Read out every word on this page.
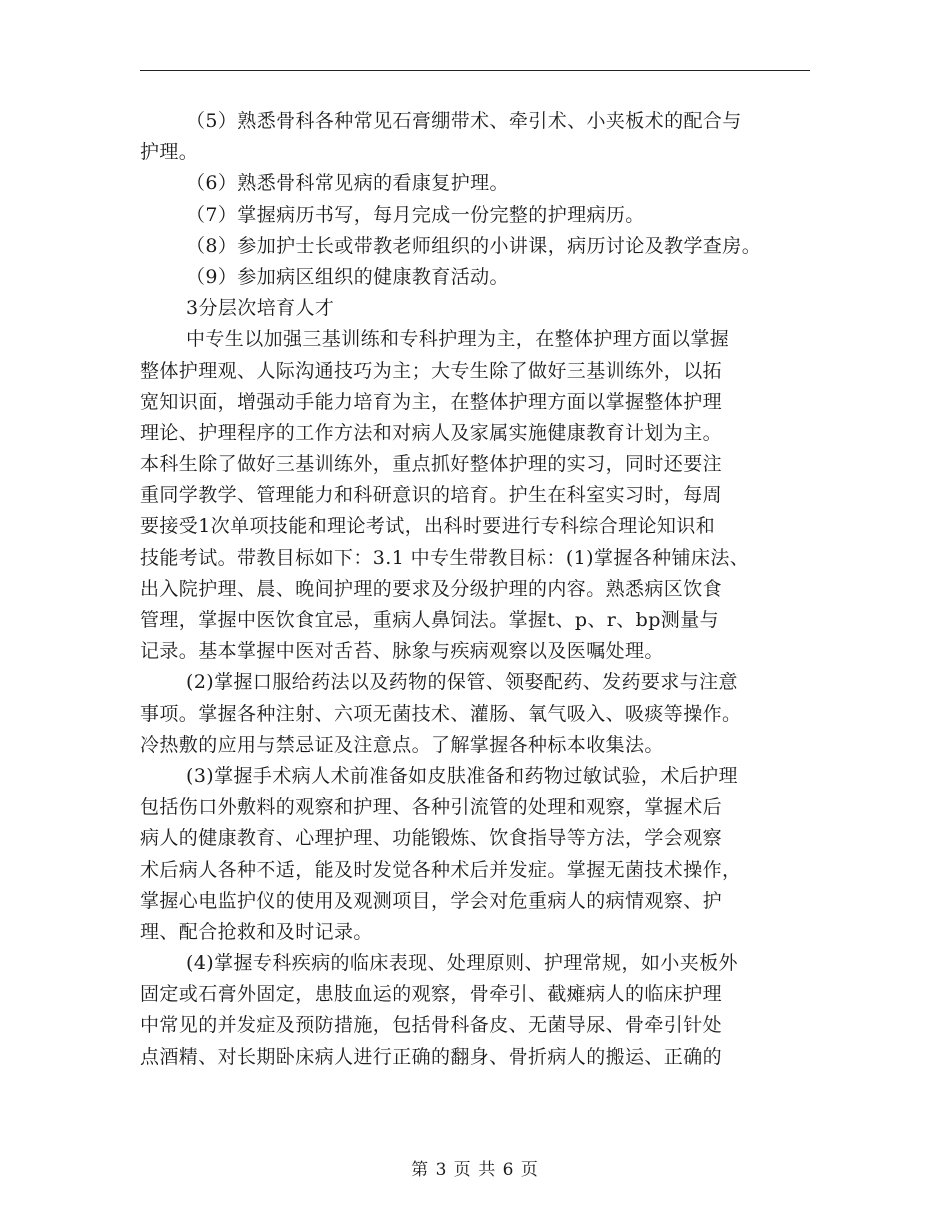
（5）熟悉骨科各种常见石膏绷带术、牵引术、小夹板术的配合与
护理。
（6）熟悉骨科常见病的看康复护理。
（7）掌握病历书写，每月完成一份完整的护理病历。
（8）参加护士长或带教老师组织的小讲课，病历讨论及教学查房。
（9）参加病区组织的健康教育活动。
3分层次培育人才
中专生以加强三基训练和专科护理为主，在整体护理方面以掌握
整体护理观、人际沟通技巧为主；大专生除了做好三基训练外，以拓
宽知识面，增强动手能力培育为主，在整体护理方面以掌握整体护理
理论、护理程序的工作方法和对病人及家属实施健康教育计划为主。
本科生除了做好三基训练外，重点抓好整体护理的实习，同时还要注
重同学教学、管理能力和科研意识的培育。护生在科室实习时，每周
要接受1次单项技能和理论考试，出科时要进行专科综合理论知识和
技能考试。带教目标如下：3.1 中专生带教目标：(1)掌握各种铺床法、
出入院护理、晨、晚间护理的要求及分级护理的内容。熟悉病区饮食
管理，掌握中医饮食宜忌，重病人鼻饲法。掌握t、p、r、bp测量与
记录。基本掌握中医对舌苔、脉象与疾病观察以及医嘱处理。
(2)掌握口服给药法以及药物的保管、领娶配药、发药要求与注意
事项。掌握各种注射、六项无菌技术、灌肠、氧气吸入、吸痰等操作。
冷热敷的应用与禁忌证及注意点。了解掌握各种标本收集法。
(3)掌握手术病人术前准备如皮肤准备和药物过敏试验，术后护理
包括伤口外敷料的观察和护理、各种引流管的处理和观察，掌握术后
病人的健康教育、心理护理、功能锻炼、饮食指导等方法，学会观察
术后病人各种不适，能及时发觉各种术后并发症。掌握无菌技术操作，
掌握心电监护仪的使用及观测项目，学会对危重病人的病情观察、护
理、配合抢救和及时记录。
(4)掌握专科疾病的临床表现、处理原则、护理常规，如小夹板外
固定或石膏外固定，患肢血运的观察，骨牵引、截瘫病人的临床护理
中常见的并发症及预防措施，包括骨科备皮、无菌导尿、骨牵引针处
点酒精、对长期卧床病人进行正确的翻身、骨折病人的搬运、正确的
第 3 页 共 6 页
